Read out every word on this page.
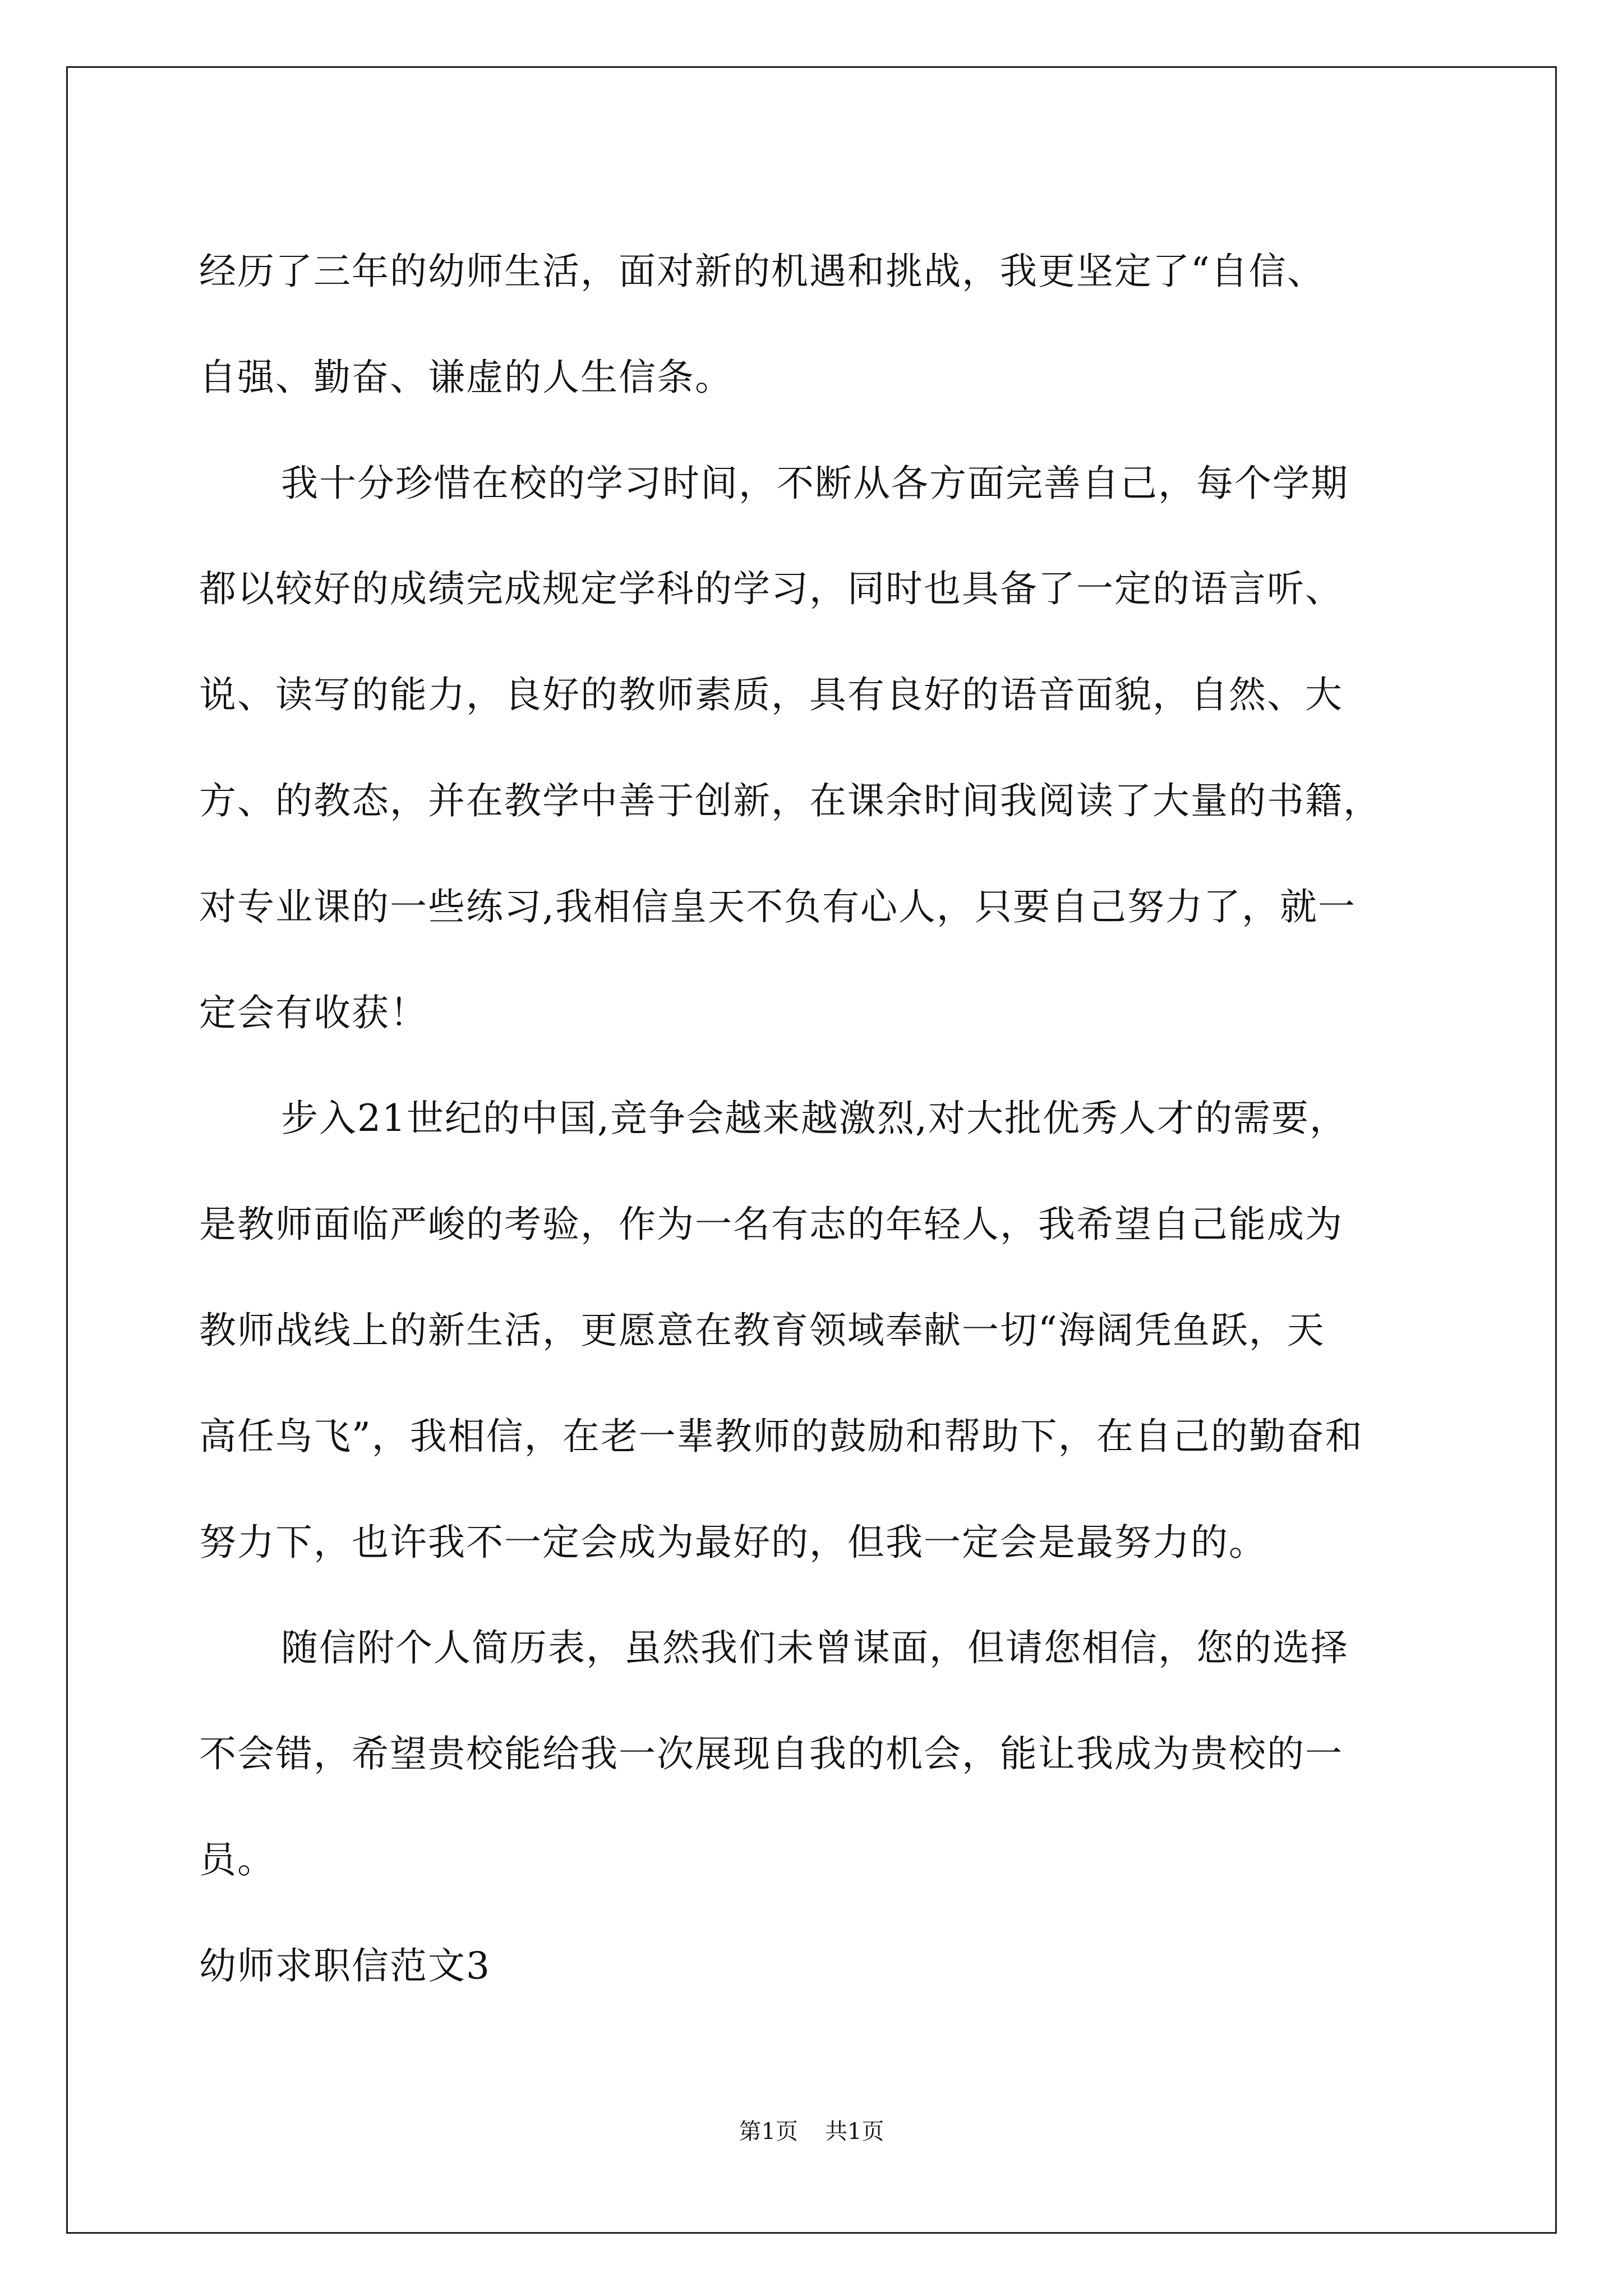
经历了三年的幼师生活，面对新的机遇和挑战，我更坚定了“自信、
自强、勤奋、谦虚的人生信条。
我十分珍惜在校的学习时间，不断从各方面完善自己，每个学期
都以较好的成绩完成规定学科的学习，同时也具备了一定的语言听、
说、读写的能力，良好的教师素质，具有良好的语音面貌，自然、大
方、的教态，并在教学中善于创新，在课余时间我阅读了大量的书籍，
对专业课的一些练习,我相信皇天不负有心人，只要自己努力了，就一
定会有收获！
步入21世纪的中国,竞争会越来越激烈,对大批优秀人才的需要，
是教师面临严峻的考验，作为一名有志的年轻人，我希望自己能成为
教师战线上的新生活，更愿意在教育领域奉献一切“海阔凭鱼跃，天
高任鸟飞”，我相信，在老一辈教师的鼓励和帮助下，在自己的勤奋和
努力下，也许我不一定会成为最好的，但我一定会是最努力的。
随信附个人简历表，虽然我们未曾谋面，但请您相信，您的选择
不会错，希望贵校能给我一次展现自我的机会，能让我成为贵校的一
员。
幼师求职信范文3
第1页 共1页
